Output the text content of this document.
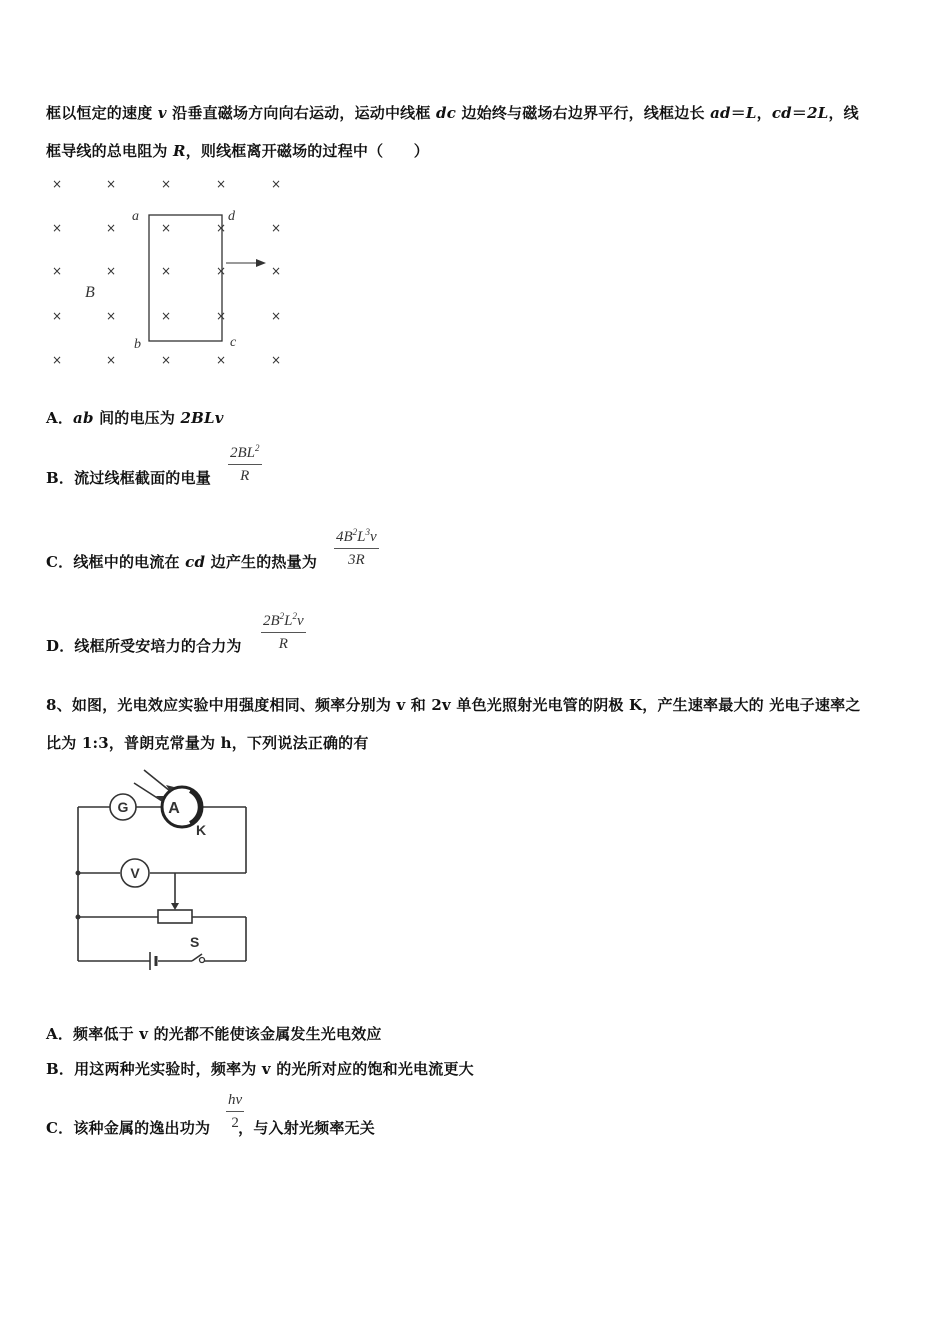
框以恒定的速度 v 沿垂直磁场方向向右运动，运动中线框 dc 边始终与磁场右边界平行，线框边长 ad＝L，cd＝2L，线
框导线的总电阻为 R，则线框离开磁场的过程中（　　）
×	×	×	×	×
×	×	×	×	×
×	×	×	×	×
×	×	×	×	×
×	×	×	×	×
a	d
b	c
B
A．ab 间的电压为 2BLv
B．流过线框截面的电量
$2BL^2$
R
C．线框中的电流在 cd 边产生的热量为
$4B^2L^3v$
3R
D．线框所受安培力的合力为
$2B^2L^2v$
R
8、如图，光电效应实验中用强度相同、频率分别为 v 和 2v 单色光照射光电管的阴极 K，产生速率最大的 光电子速率之
比为 1:3，普朗克常量为 h，下列说法正确的有
G A
K
V
S
A．频率低于 v 的光都不能使该金属发生光电效应
B．用这两种光实验时，频率为 v 的光所对应的饱和光电流更大
C．该种金属的逸出功为 ，与入射光频率无关
hv
2
